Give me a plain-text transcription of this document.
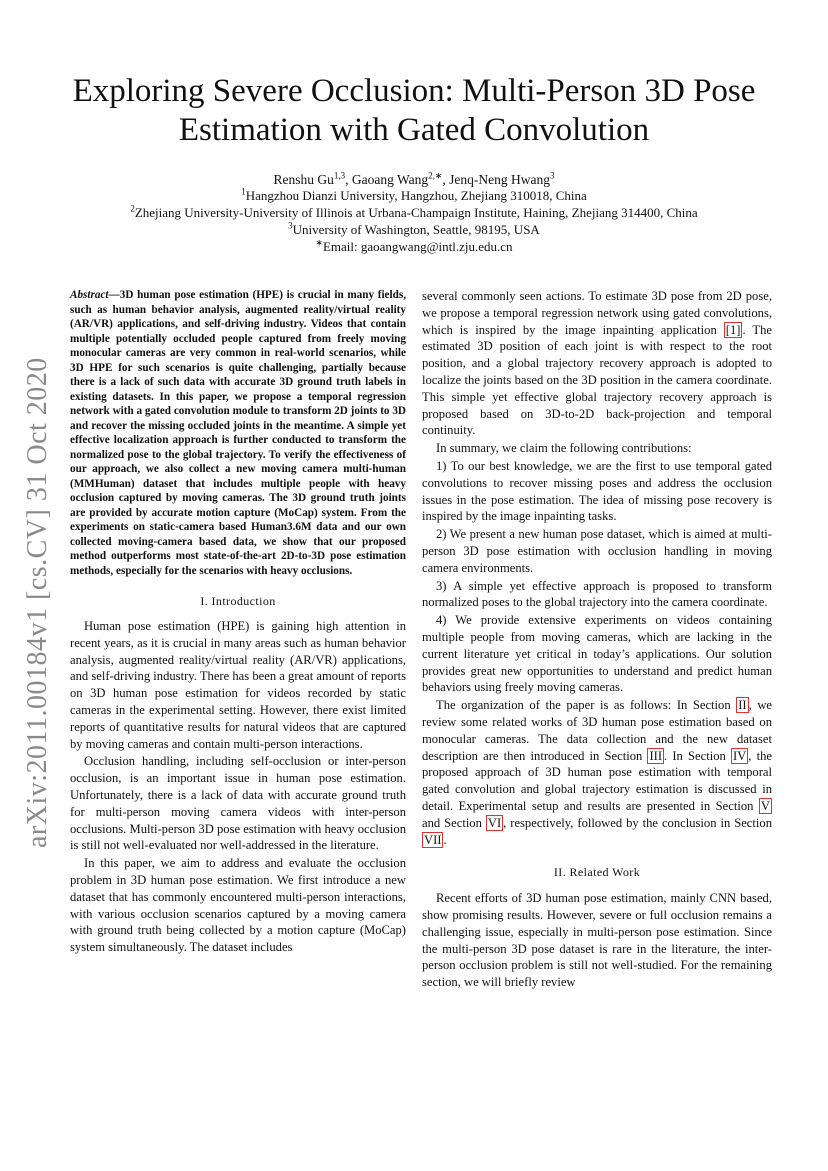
arXiv:2011.00184v1 [cs.CV] 31 Oct 2020
Exploring Severe Occlusion: Multi-Person 3D Pose
Estimation with Gated Convolution
Renshu Gu$^{1,3}$, Gaoang Wang$^{2,∗}$, Jenq-Neng Hwang$^3$
$^1$Hangzhou Dianzi University, Hangzhou, Zhejiang 310018, China
$^2$Zhejiang University-University of Illinois at Urbana-Champaign Institute, Haining, Zhejiang 314400, China
$^3$University of Washington, Seattle, 98195, USA
∗Email: gaoangwang@intl.zju.edu.cn

Abstract—3D human pose estimation (HPE) is crucial in many fields, such as human behavior analysis, augmented reality/virtual reality (AR/VR) applications, and self-driving industry. Videos that contain multiple potentially occluded people captured from freely moving monocular cameras are very common in real-world scenarios, while 3D HPE for such scenarios is quite challenging, partially because there is a lack of such data with accurate 3D ground truth labels in existing datasets. In this paper, we propose a temporal regression network with a gated convolution module to transform 2D joints to 3D and recover the missing occluded joints in the meantime. A simple yet effective localization approach is further conducted to transform the normalized pose to the global trajectory. To verify the effectiveness of our approach, we also collect a new moving camera multi-human (MMHuman) dataset that includes multiple people with heavy occlusion captured by moving cameras. The 3D ground truth joints are provided by accurate motion capture (MoCap) system. From the experiments on static-camera based Human3.6M data and our own collected moving-camera based data, we show that our proposed method outperforms most state-of-the-art 2D-to-3D pose estimation methods, especially for the scenarios with heavy occlusions.

I. Introduction

Human pose estimation (HPE) is gaining high attention in recent years, as it is crucial in many areas such as human behavior analysis, augmented reality/virtual reality (AR/VR) applications, and self-driving industry. There has been a great amount of reports on 3D human pose estimation for videos recorded by static cameras in the experimental setting. However, there exist limited reports of quantitative results for natural videos that are captured by moving cameras and contain multi-person interactions.

Occlusion handling, including self-occlusion or inter-person occlusion, is an important issue in human pose estimation. Unfortunately, there is a lack of data with accurate ground truth for multi-person moving camera videos with inter-person occlusions. Multi-person 3D pose estimation with heavy occlusion is still not well-evaluated nor well-addressed in the literature.

In this paper, we aim to address and evaluate the occlusion problem in 3D human pose estimation. We first introduce a new dataset that has commonly encountered multi-person interactions, with various occlusion scenarios captured by a moving camera with ground truth being collected by a motion capture (MoCap) system simultaneously. The dataset includes

several commonly seen actions. To estimate 3D pose from 2D pose, we propose a temporal regression network using gated convolutions, which is inspired by the image inpainting application [1] . The estimated 3D position of each joint is with respect to the root position, and a global trajectory recovery approach is adopted to localize the joints based on the 3D position in the camera coordinate. This simple yet effective global trajectory recovery approach is proposed based on 3D-to-2D back-projection and temporal continuity.

In summary, we claim the following contributions:

1) To our best knowledge, we are the first to use temporal gated convolutions to recover missing poses and address the occlusion issues in the pose estimation. The idea of missing pose recovery is inspired by the image inpainting tasks.

2) We present a new human pose dataset, which is aimed at multi-person 3D pose estimation with occlusion handling in moving camera environments.

3) A simple yet effective approach is proposed to transform normalized poses to the global trajectory into the camera coordinate.

4) We provide extensive experiments on videos containing multiple people from moving cameras, which are lacking in the current literature yet critical in today’s applications. Our solution provides great new opportunities to understand and predict human behaviors using freely moving cameras.

The organization of the paper is as follows: In Section II , we review some related works of 3D human pose estimation based on monocular cameras. The data collection and the new dataset description are then introduced in Section III . In Section IV , the proposed approach of 3D human pose estimation with temporal gated convolution and global trajectory estimation is discussed in detail. Experimental setup and results are presented in Section V and Section VI , respectively, followed by the conclusion in Section VII .

II. Related Work

Recent efforts of 3D human pose estimation, mainly CNN based, show promising results. However, severe or full occlusion remains a challenging issue, especially in multi-person pose estimation. Since the multi-person 3D pose dataset is rare in the literature, the inter-person occlusion problem is still not well-studied. For the remaining section, we will briefly review
